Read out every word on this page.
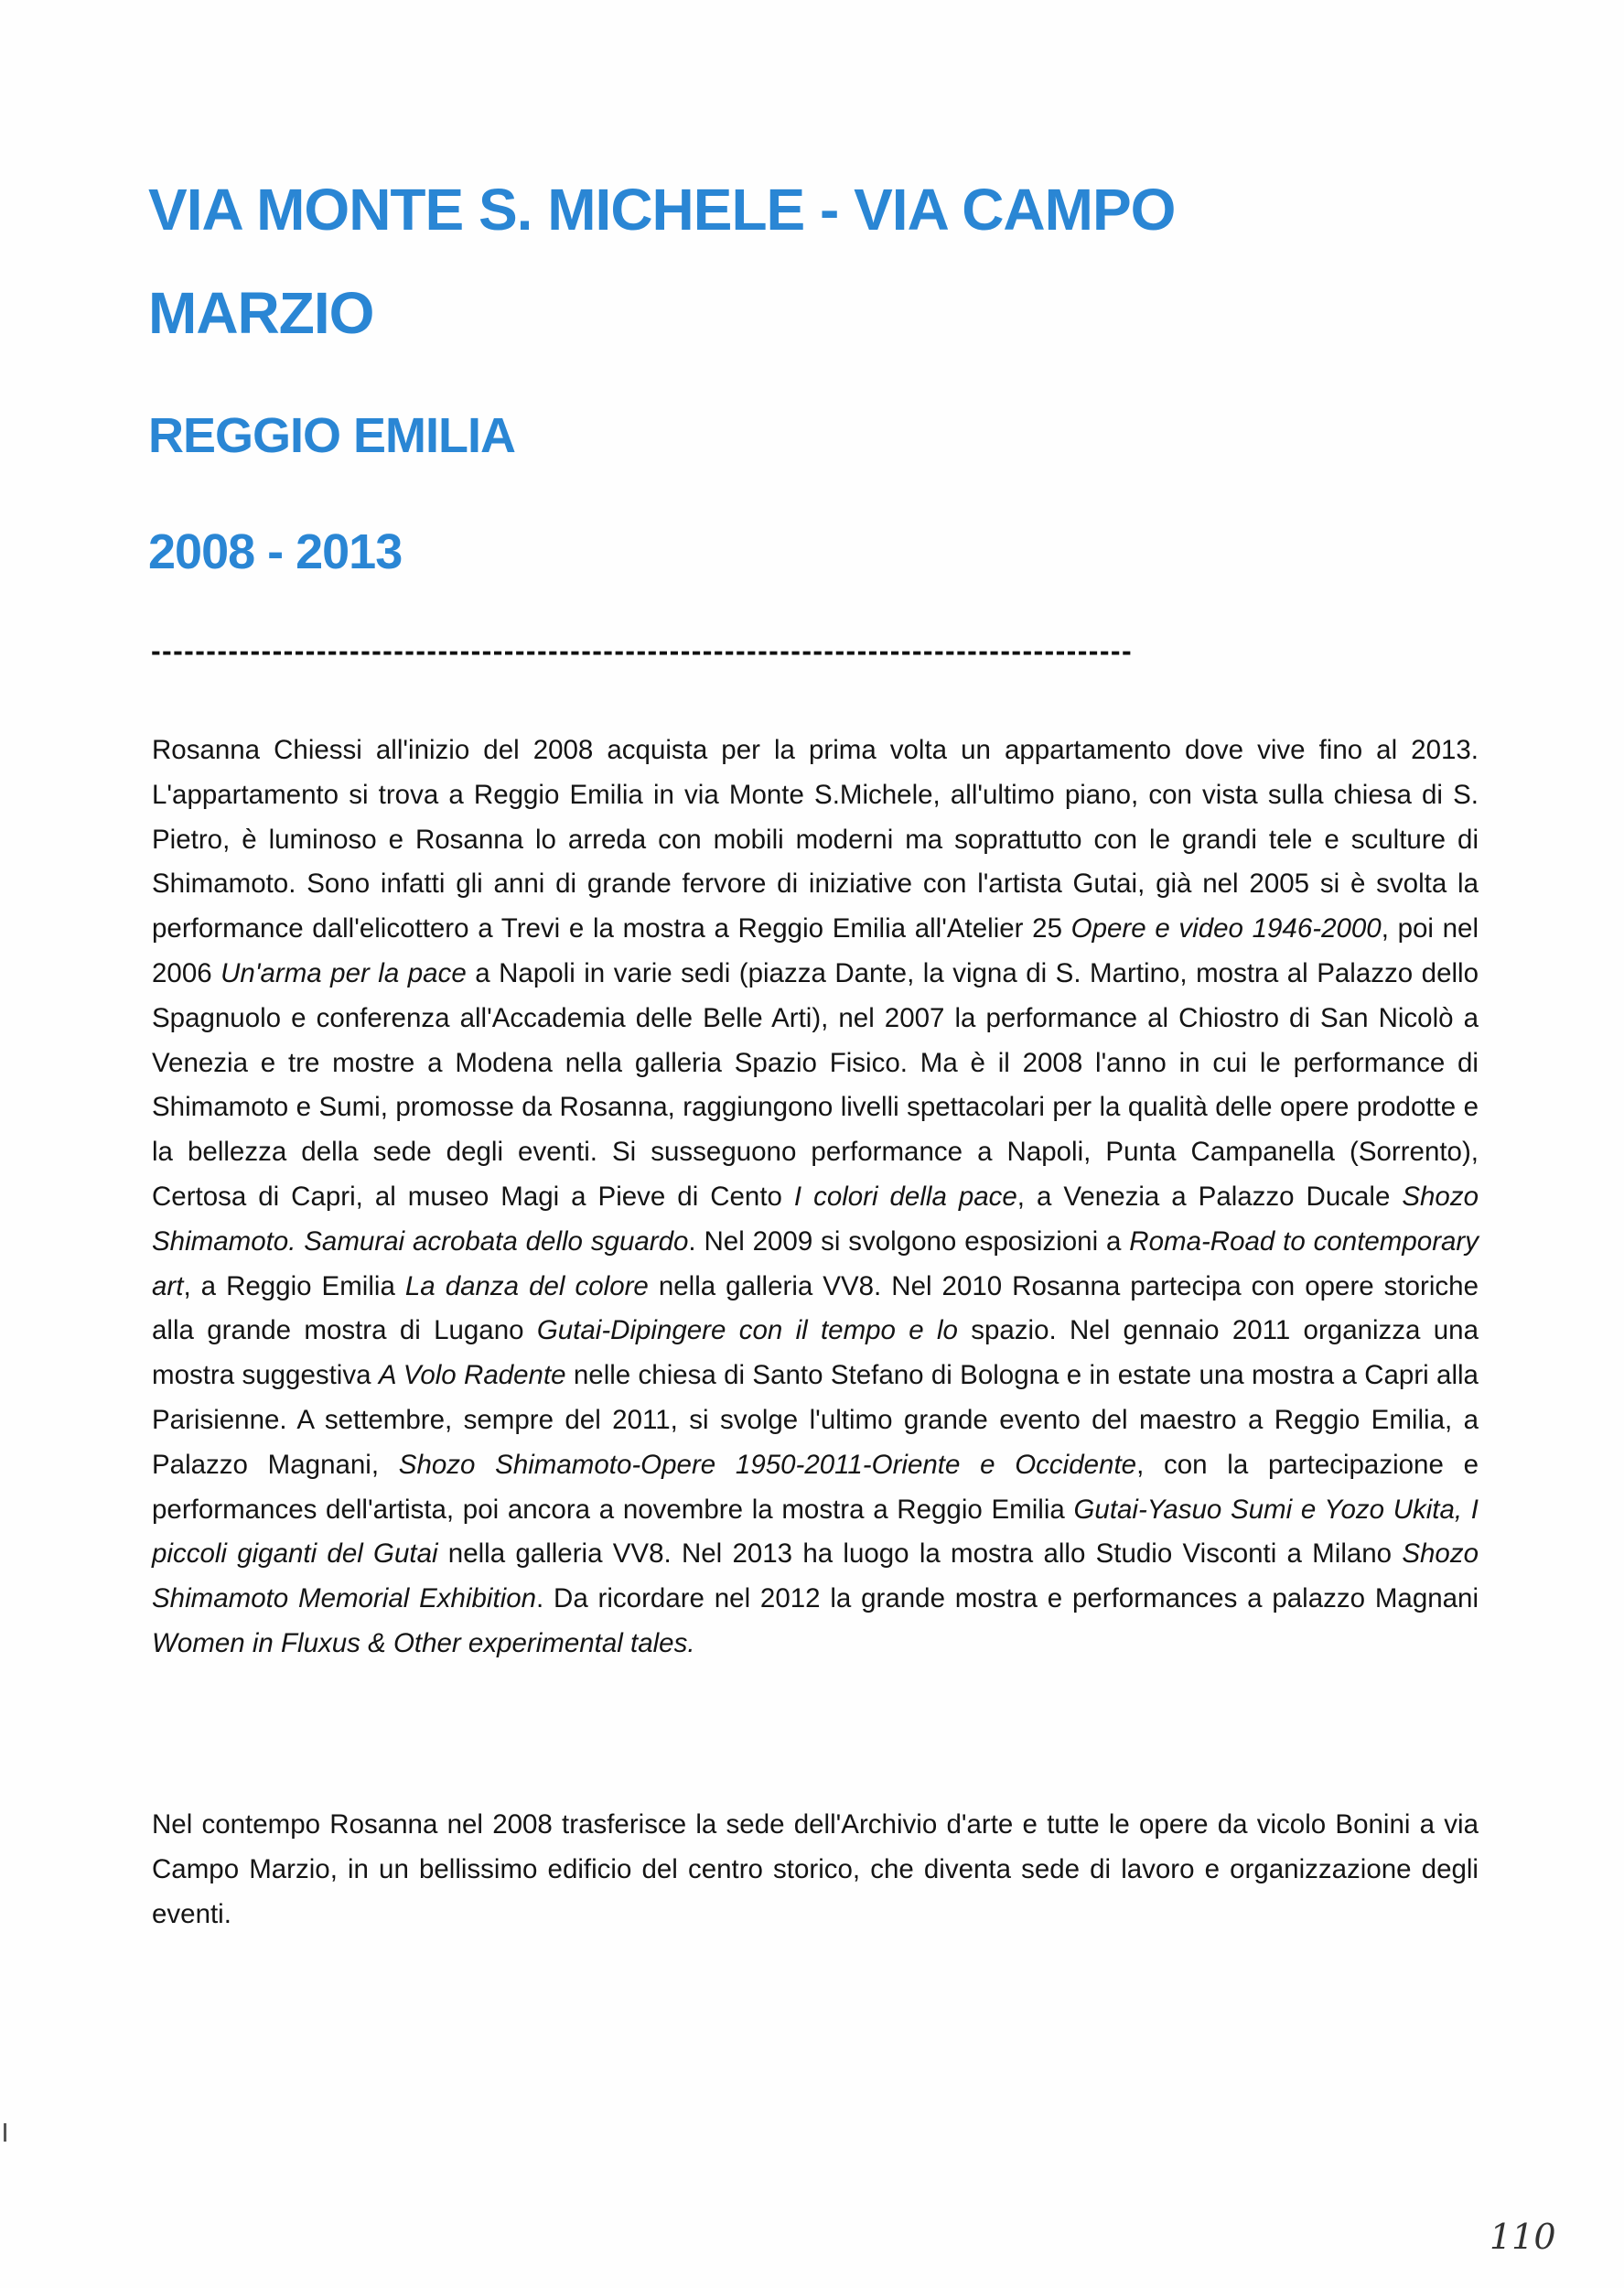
VIA MONTE S. MICHELE - VIA CAMPO
MARZIO
REGGIO EMILIA
2008 - 2013
-----------------------------------------------------------------------------------------

Rosanna Chiessi all'inizio del 2008 acquista per la prima volta un appartamento dove vive fino al 2013. L'appartamento si trova a Reggio Emilia in via Monte S.Michele, all'ultimo piano, con vista sulla chiesa di S. Pietro, è luminoso e Rosanna lo arreda con mobili moderni ma soprattutto con le grandi tele e sculture di Shimamoto. Sono infatti gli anni di grande fervore di iniziative con l'artista Gutai, già nel 2005 si è svolta la performance dall'elicottero a Trevi e la mostra a Reggio Emilia all'Atelier 25 Opere e video 1946-2000, poi nel 2006 Un'arma per la pace a Napoli in varie sedi (piazza Dante, la vigna di S. Martino, mostra al Palazzo dello Spagnuolo e conferenza all'Accademia delle Belle Arti), nel 2007 la performance al Chiostro di San Nicolò a Venezia e tre mostre a Modena nella galleria Spazio Fisico. Ma è il 2008 l'anno in cui le performance di Shimamoto e Sumi, promosse da Rosanna, raggiungono livelli spettacolari per la qualità delle opere prodotte e la bellezza della sede degli eventi. Si susseguono performance a Napoli, Punta Campanella (Sorrento), Certosa di Capri, al museo Magi a Pieve di Cento I colori della pace, a Venezia a Palazzo Ducale Shozo Shimamoto. Samurai acrobata dello sguardo. Nel 2009 si svolgono esposizioni a Roma-Road to contemporary art, a Reggio Emilia La danza del colore nella galleria VV8. Nel 2010 Rosanna partecipa con opere storiche alla grande mostra di Lugano Gutai-Dipingere con il tempo e lo spazio. Nel gennaio 2011 organizza una mostra suggestiva A Volo Radente nelle chiesa di Santo Stefano di Bologna e in estate una mostra a Capri alla Parisienne. A settembre, sempre del 2011, si svolge l'ultimo grande evento del maestro a Reggio Emilia, a Palazzo Magnani, Shozo Shimamoto-Opere 1950-2011-Oriente e Occidente, con la partecipazione e performances dell'artista, poi ancora a novembre la mostra a Reggio Emilia Gutai-Yasuo Sumi e Yozo Ukita, I piccoli giganti del Gutai nella galleria VV8. Nel 2013 ha luogo la mostra allo Studio Visconti a Milano Shozo Shimamoto Memorial Exhibition. Da ricordare nel 2012 la grande mostra e performances a palazzo Magnani Women in Fluxus & Other experimental tales.

Nel contempo Rosanna nel 2008 trasferisce la sede dell'Archivio d'arte e tutte le opere da vicolo Bonini a via Campo Marzio, in un bellissimo edificio del centro storico, che diventa sede di lavoro e organizzazione degli eventi.

110
